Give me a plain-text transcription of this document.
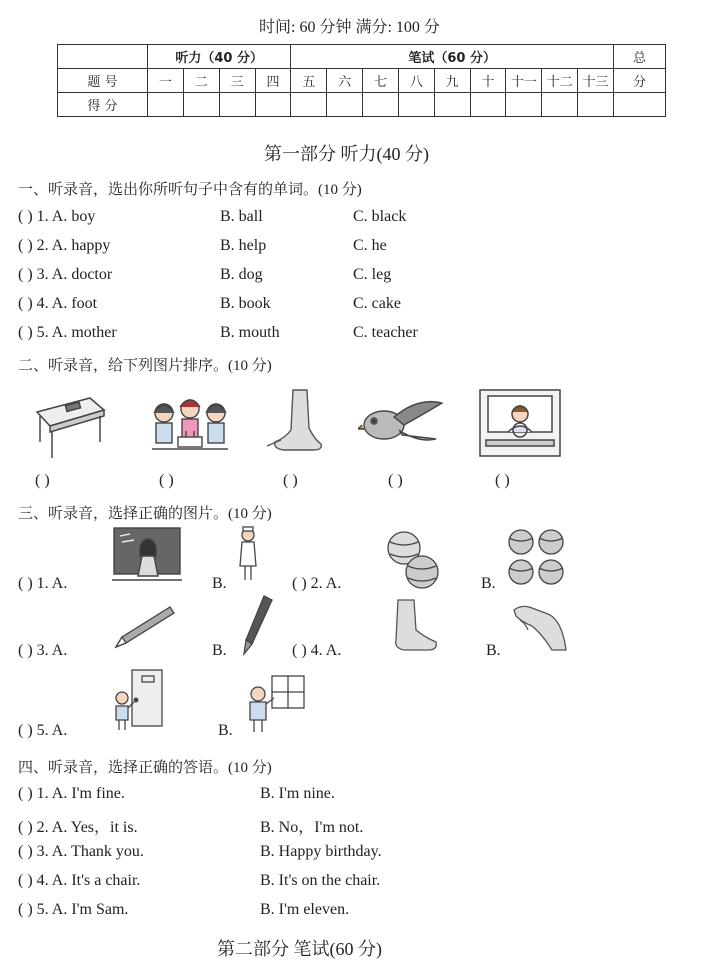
时间: 60 分钟 满分: 100 分
	听力（40 分）				笔试（60 分）									总
题 号	一	二	三	四	五	六	七	八	九	十	十一	十二	十三	分
得 分														
第一部分 听力(40 分)
一、听录音，选出你所听句子中含有的单词。(10 分)
( ) 1. A. boy	B. ball	C. black
( ) 2. A. happy	B. help	C. he
( ) 3. A. doctor	B. dog	C. leg
( ) 4. A. foot	B. book	C. cake
( ) 5. A. mother	B. mouth	C. teacher
二、听录音，给下列图片排序。(10 分)
( )	( )	( )	( )	( )
三、听录音，选择正确的图片。(10 分)
( ) 1. A.	B.	( ) 2. A.	B.
( ) 3. A.	B.	( ) 4. A.	B.
( ) 5. A.	B.
四、听录音，选择正确的答语。(10 分)
( ) 1. A. I'm fine.	B. I'm nine.
( ) 2. A. Yes，it is.	B. No，I'm not.
( ) 3. A. Thank you.	B. Happy birthday.
( ) 4. A. It's a chair.	B. It's on the chair.
( ) 5. A. I'm Sam.	B. I'm eleven.
第二部分 笔试(60 分)
